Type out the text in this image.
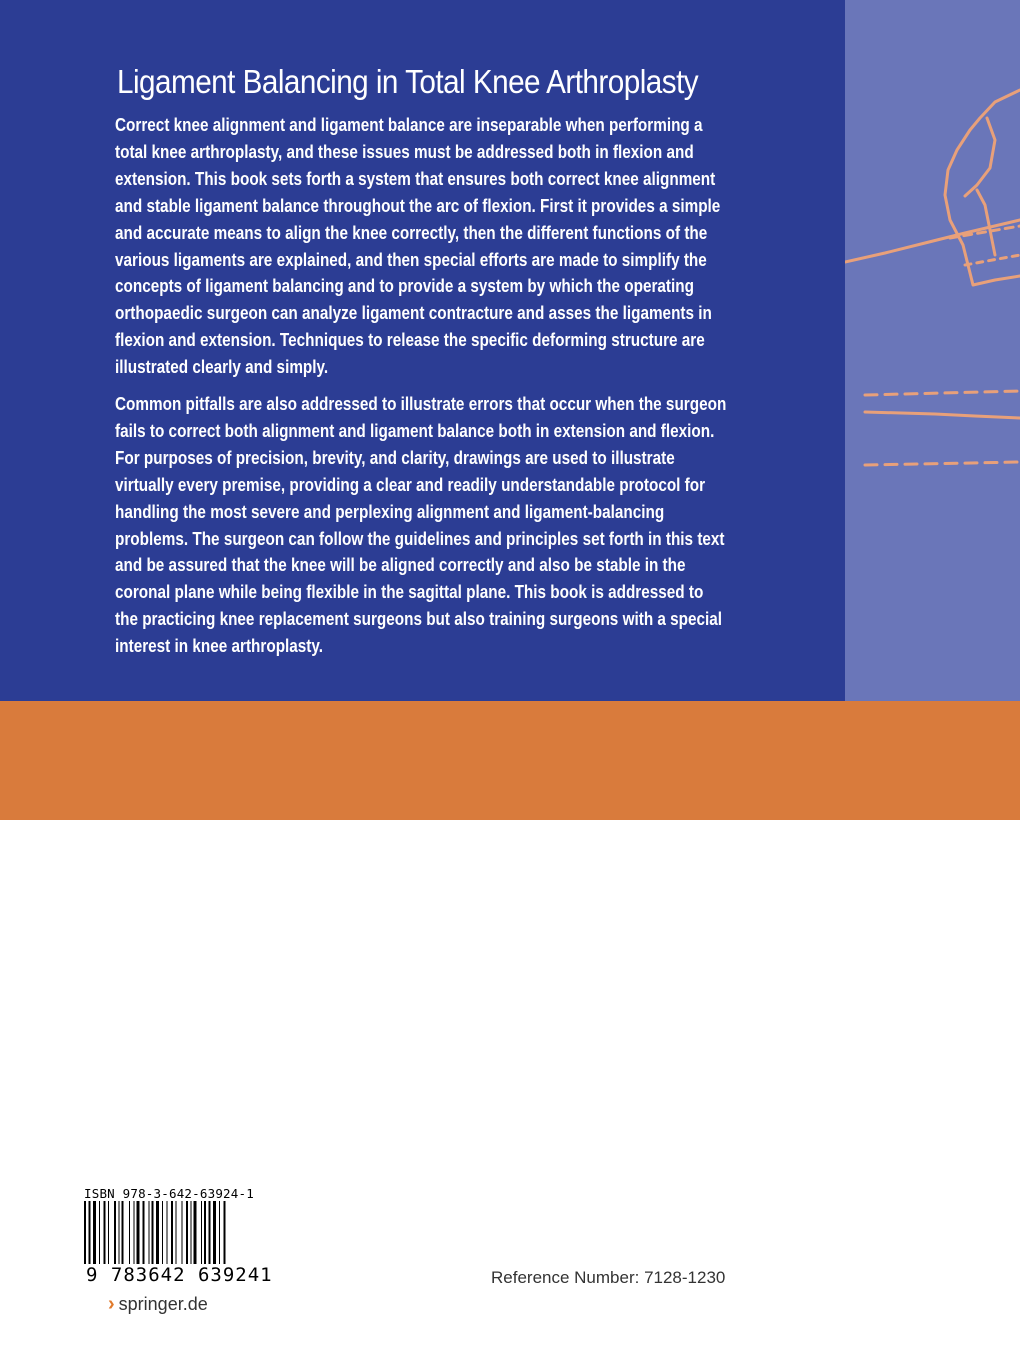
Ligament Balancing in Total Knee Arthroplasty
Correct knee alignment and ligament balance are inseparable when performing a
total knee arthroplasty, and these issues must be addressed both in flexion and
extension. This book sets forth a system that ensures both correct knee alignment
and stable ligament balance throughout the arc of flexion. First it provides a simple
and accurate means to align the knee correctly, then the different functions of the
various ligaments are explained, and then special efforts are made to simplify the
concepts of ligament balancing and to provide a system by which the operating
orthopaedic surgeon can analyze ligament contracture and asses the ligaments in
flexion and extension. Techniques to release the specific deforming structure are
illustrated clearly and simply.
Common pitfalls are also addressed to illustrate errors that occur when the surgeon
fails to correct both alignment and ligament balance both in extension and flexion.
For purposes of precision, brevity, and clarity, drawings are used to illustrate
virtually every premise, providing a clear and readily understandable protocol for
handling the most severe and perplexing alignment and ligament-balancing
problems. The surgeon can follow the guidelines and principles set forth in this text
and be assured that the knee will be aligned correctly and also be stable in the
coronal plane while being flexible in the sagittal plane. This book is addressed to
the practicing knee replacement surgeons but also training surgeons with a special
interest in knee arthroplasty.
ISBN 978-3-642-63924-1
9 783642 639241
› springer.de
Reference Number: 7128-1230
